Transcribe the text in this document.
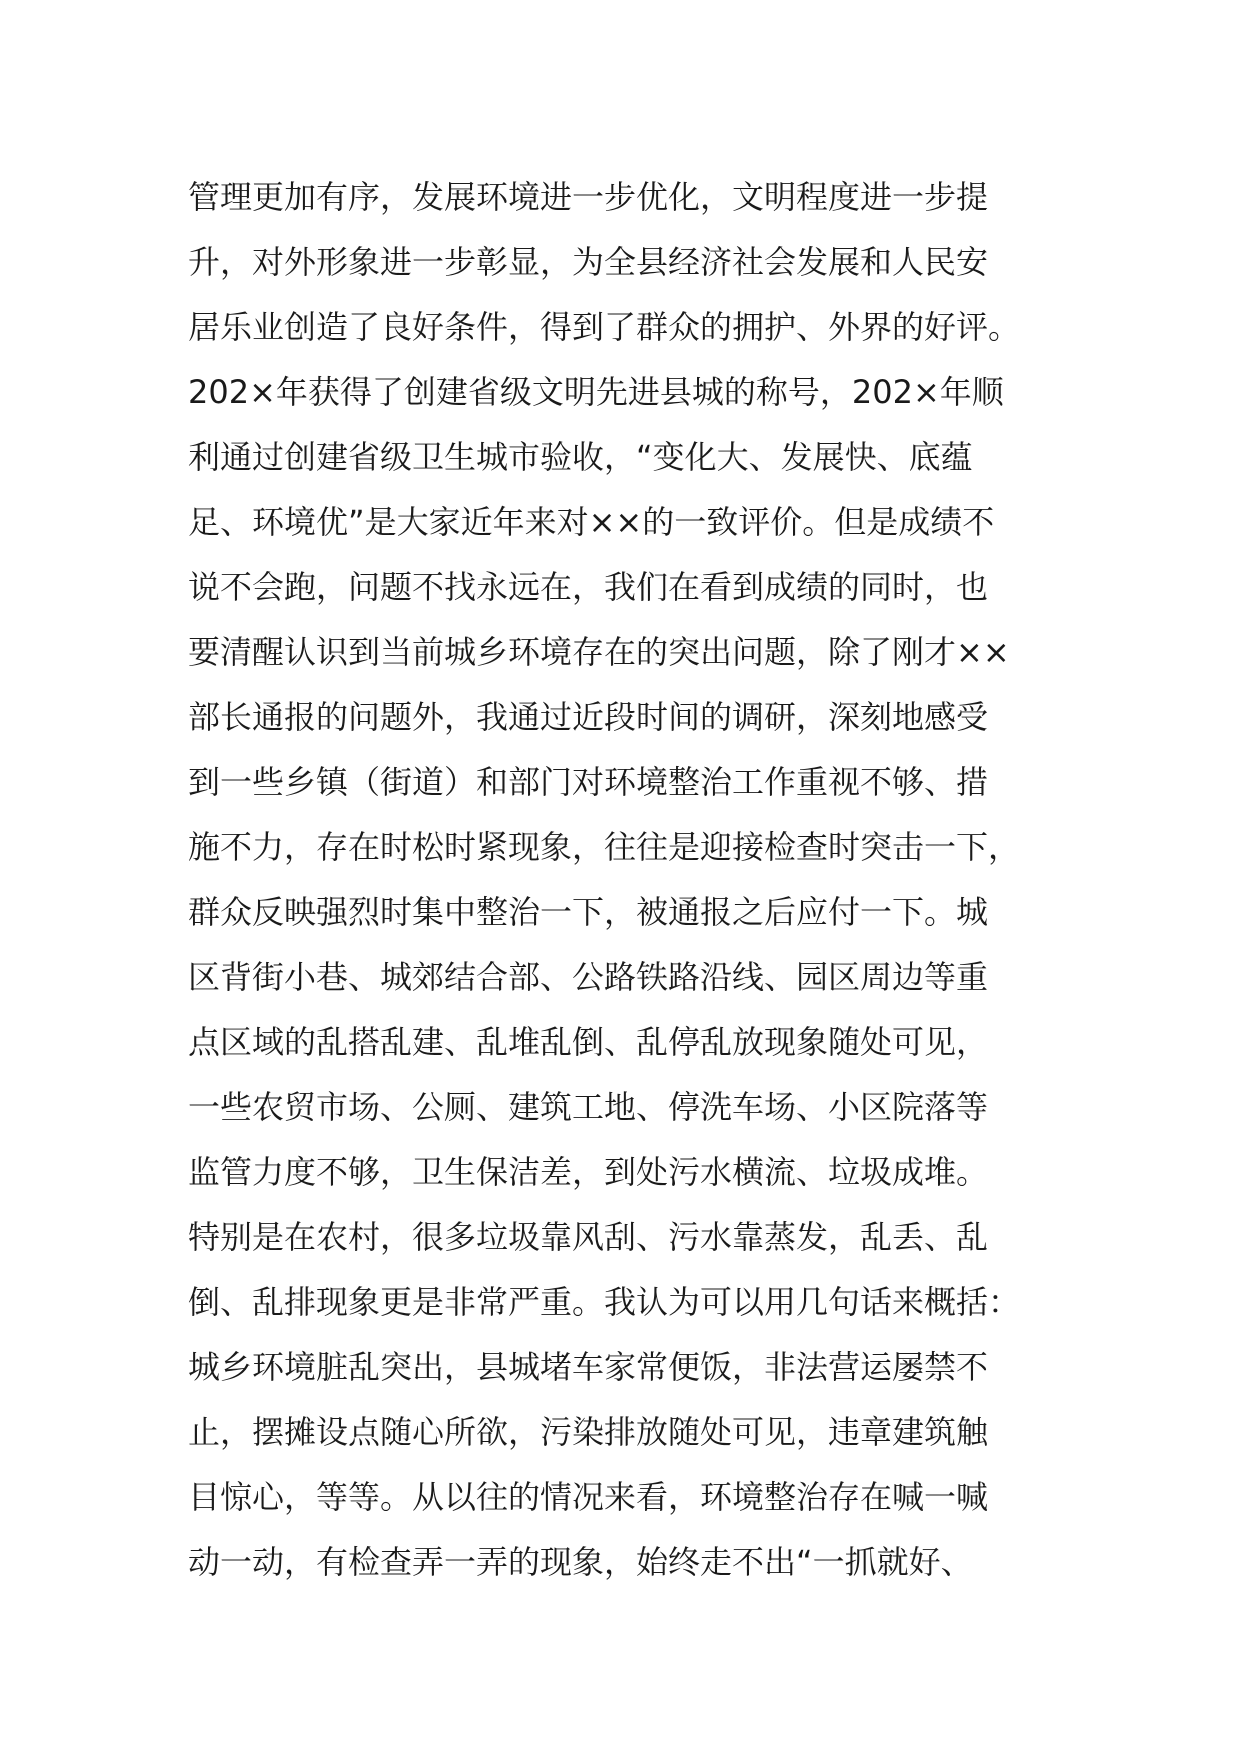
管理更加有序，发展环境进一步优化，文明程度进一步提
升，对外形象进一步彰显，为全县经济社会发展和人民安
居乐业创造了良好条件，得到了群众的拥护、外界的好评。
202×年获得了创建省级文明先进县城的称号，202×年顺
利通过创建省级卫生城市验收，“变化大、发展快、底蕴
足、环境优”是大家近年来对××的一致评价。但是成绩不
说不会跑，问题不找永远在，我们在看到成绩的同时，也
要清醒认识到当前城乡环境存在的突出问题，除了刚才××
部长通报的问题外，我通过近段时间的调研，深刻地感受
到一些乡镇（街道）和部门对环境整治工作重视不够、措
施不力，存在时松时紧现象，往往是迎接检查时突击一下，
群众反映强烈时集中整治一下，被通报之后应付一下。城
区背街小巷、城郊结合部、公路铁路沿线、园区周边等重
点区域的乱搭乱建、乱堆乱倒、乱停乱放现象随处可见，
一些农贸市场、公厕、建筑工地、停洗车场、小区院落等
监管力度不够，卫生保洁差，到处污水横流、垃圾成堆。
特别是在农村，很多垃圾靠风刮、污水靠蒸发，乱丢、乱
倒、乱排现象更是非常严重。我认为可以用几句话来概括：
城乡环境脏乱突出，县城堵车家常便饭，非法营运屡禁不
止，摆摊设点随心所欲，污染排放随处可见，违章建筑触
目惊心，等等。从以往的情况来看，环境整治存在喊一喊
动一动，有检查弄一弄的现象，始终走不出“一抓就好、
